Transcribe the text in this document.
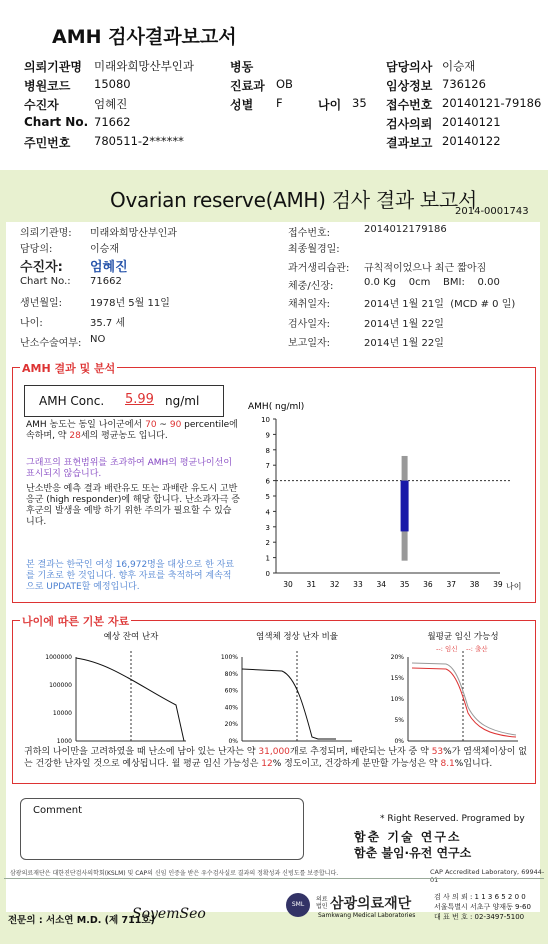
AMH 검사결과보고서
의뢰기관명 미래와희망산부인과	병동	담당의사 이승재
병원코드 15080	진료과 OB	임상정보 736126
수진자	엄혜진	성별 F	나이 35 접수번호 20140121-79186
Chart No. 71662	검사의뢰 20140121
주민번호 780511-2******	결과보고 20140122
Ovarian reserve(AMH) 검사 결과 보고서
2014-0001743
의뢰기관명: 미래와희망산부인과
담당의:	이승재
수진자: 엄혜진
Chart No.: 71662
생년월일:	1978년 5월 11일
나이:	35.7 세
난소수술여부: NO
접수번호:	2014012179186
최종월경일:
과거생리습관: 규칙적이었으나 최근 짧아짐
체중/신장:	0.0 Kg    0cm    BMI:    0.00
채취일자:	2014년 1월 21일  (MCD # 0 일)
검사일자:	2014년 1월 22일
보고일자:	2014년 1월 22일
AMH 결과 및 분석
AMH Conc. 5.99 ng/ml
AMH 농도는 동일 나이군에서 70 ~ 90 percentile에 속하며, 약 28세의 평균농도 입니다.
그래프의 표현범위를 초과하여 AMH의 평균나이선이 표시되지 않습니다.
난소반응 예측 결과 배란유도 또는 과배란 유도시 고반응군 (high responder)에 해당 합니다. 난소과자극 증후군의 발생을 예방 하기 위한 주의가 필요할 수 있습니다.
본 결과는 한국인 여성 16,972명을 대상으로 한 자료를 기초로 한 것입니다. 향후 자료를 축적하여 계속적으로 UPDATE할 예정입니다.
AMH( ng/ml)
0
1
2
3
4
5
6
7
8
9
10
30 31 32 33 34 35 36 37 38 39 나이
나이에 따른 기본 자료
예상 잔여 난자
1000
10000
100000
1000000
염색체 정상 난자 비율
0%
20%
40%
60%
80%
100%
월평균 임신 가능성
0%
5%
10%
15%
20%
--: 임신 --: 출산
귀하의 나이만을 고려하였을 때 난소에 남아 있는 난자는 약 31,000개로 추정되며, 배란되는 난자 중 약 53%가 염색체이상이 없는 건강한 난자일 것으로 예상됩니다. 월 평균 임신 가능성은 12% 정도이고, 건강하게 분만할 가능성은 약 8.1%입니다.
Comment
* Right Reserved. Programed by
함춘 기술 연구소
함춘 불임·유전 연구소
삼광의료재단은 대한진단검사의학회(KSLM) 및 CAP의 신임 인증을 받은 우수검사실로 결과의 정확성과 신빙도를 보증합니다.	CAP Accredited Laboratory, 69944-01
전문의 : 서소연 M.D. (제 711호)
SoyemSeo
SML
의료법인 삼광의료재단
Samkwang Medical Laboratories
검 사 의 뢰 : 1 1 3 6 5 2 0 0
서울특별시 서초구 양재동 9-60
대 표 번 호 : 02-3497-5100
